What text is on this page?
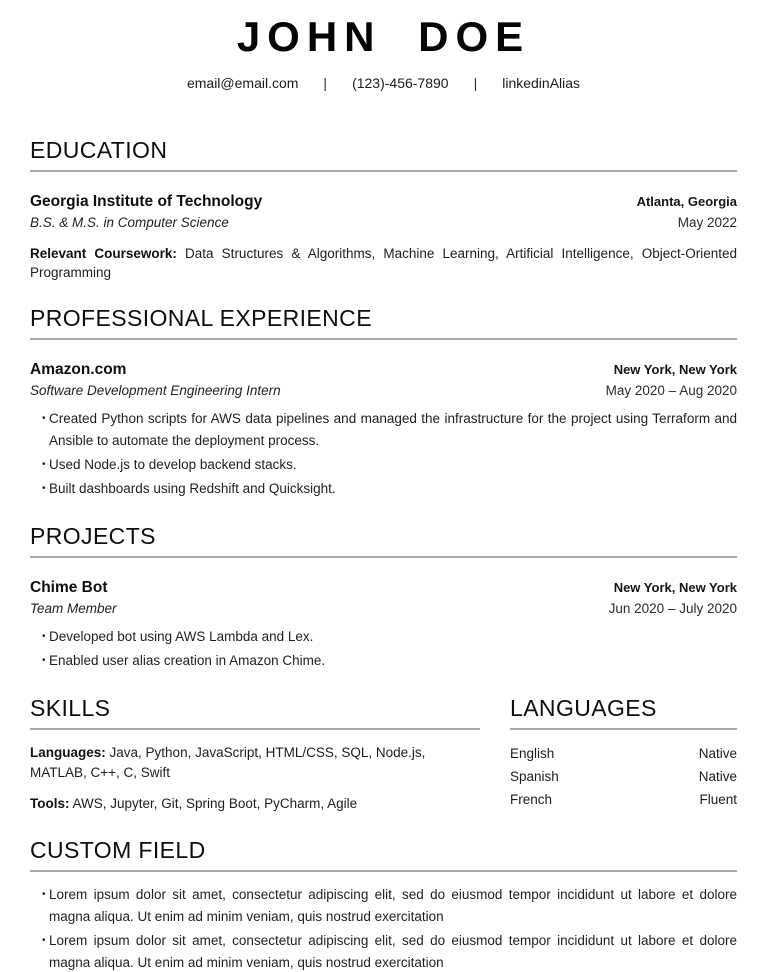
JOHN DOE
email@email.com | (123)-456-7890 | linkedinAlias
EDUCATION
Georgia Institute of Technology	Atlanta, Georgia
B.S. & M.S. in Computer Science	May 2022

Relevant Coursework: Data Structures & Algorithms, Machine Learning, Artificial Intelligence, Object-Oriented Programming

PROFESSIONAL EXPERIENCE
Amazon.com	New York, New York
Software Development Engineering Intern	May 2020 – Aug 2020
• Created Python scripts for AWS data pipelines and managed the infrastructure for the project using Terraform and Ansible to automate the deployment process.
• Used Node.js to develop backend stacks.
• Built dashboards using Redshift and Quicksight.
PROJECTS
Chime Bot	New York, New York
Team Member	Jun 2020 – July 2020
• Developed bot using AWS Lambda and Lex.
• Enabled user alias creation in Amazon Chime.
SKILLS

Languages: Java, Python, JavaScript, HTML/CSS, SQL, Node.js, MATLAB, C++, C, Swift

Tools: AWS, Jupyter, Git, Spring Boot, PyCharm, Agile

LANGUAGES
English	Native
Spanish	Native
French	Fluent
CUSTOM FIELD
• Lorem ipsum dolor sit amet, consectetur adipiscing elit, sed do eiusmod tempor incididunt ut labore et dolore magna aliqua. Ut enim ad minim veniam, quis nostrud exercitation
• Lorem ipsum dolor sit amet, consectetur adipiscing elit, sed do eiusmod tempor incididunt ut labore et dolore magna aliqua. Ut enim ad minim veniam, quis nostrud exercitation
